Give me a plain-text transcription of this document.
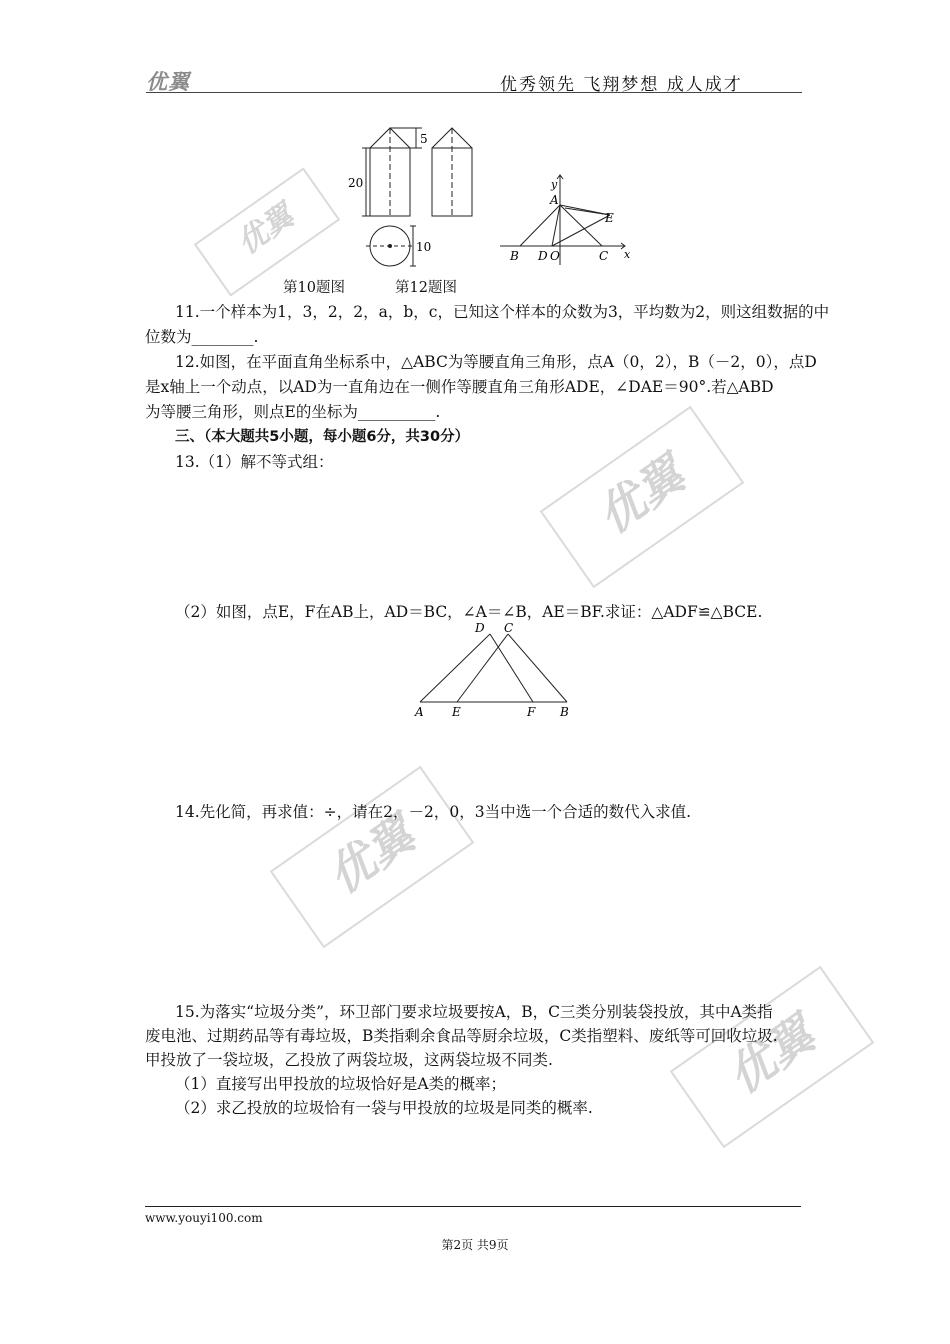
优翼	优秀领先 飞翔梦想 成人成才
优翼
优翼
优翼
优翼
5
20
10
y
A
E
B D O	C x
第10题图	第12题图
11.一个样本为1，3，2，2，a，b，c，已知这个样本的众数为3，平均数为2，则这组数据的中
位数为________.
12.如图，在平面直角坐标系中，△ABC为等腰直角三角形，点A（0，2），B（－2，0），点D
是x轴上一个动点，以AD为一直角边在一侧作等腰直角三角形ADE，∠DAE＝90°.若△ABD
为等腰三角形，则点E的坐标为__________.
三、（本大题共5小题，每小题6分，共30分）
13.（1）解不等式组：
（2）如图，点E，F在AB上，AD＝BC，∠A＝∠B，AE＝BF.求证：△ADF≌△BCE.
D C
A E	F B
14.先化简，再求值：÷，请在2，－2，0，3当中选一个合适的数代入求值.
15.为落实“垃圾分类”，环卫部门要求垃圾要按A，B，C三类分别装袋投放，其中A类指
废电池、过期药品等有毒垃圾，B类指剩余食品等厨余垃圾，C类指塑料、废纸等可回收垃圾.
甲投放了一袋垃圾，乙投放了两袋垃圾，这两袋垃圾不同类.
（1）直接写出甲投放的垃圾恰好是A类的概率；
（2）求乙投放的垃圾恰有一袋与甲投放的垃圾是同类的概率.
www.youyi100.com
第2页 共9页
